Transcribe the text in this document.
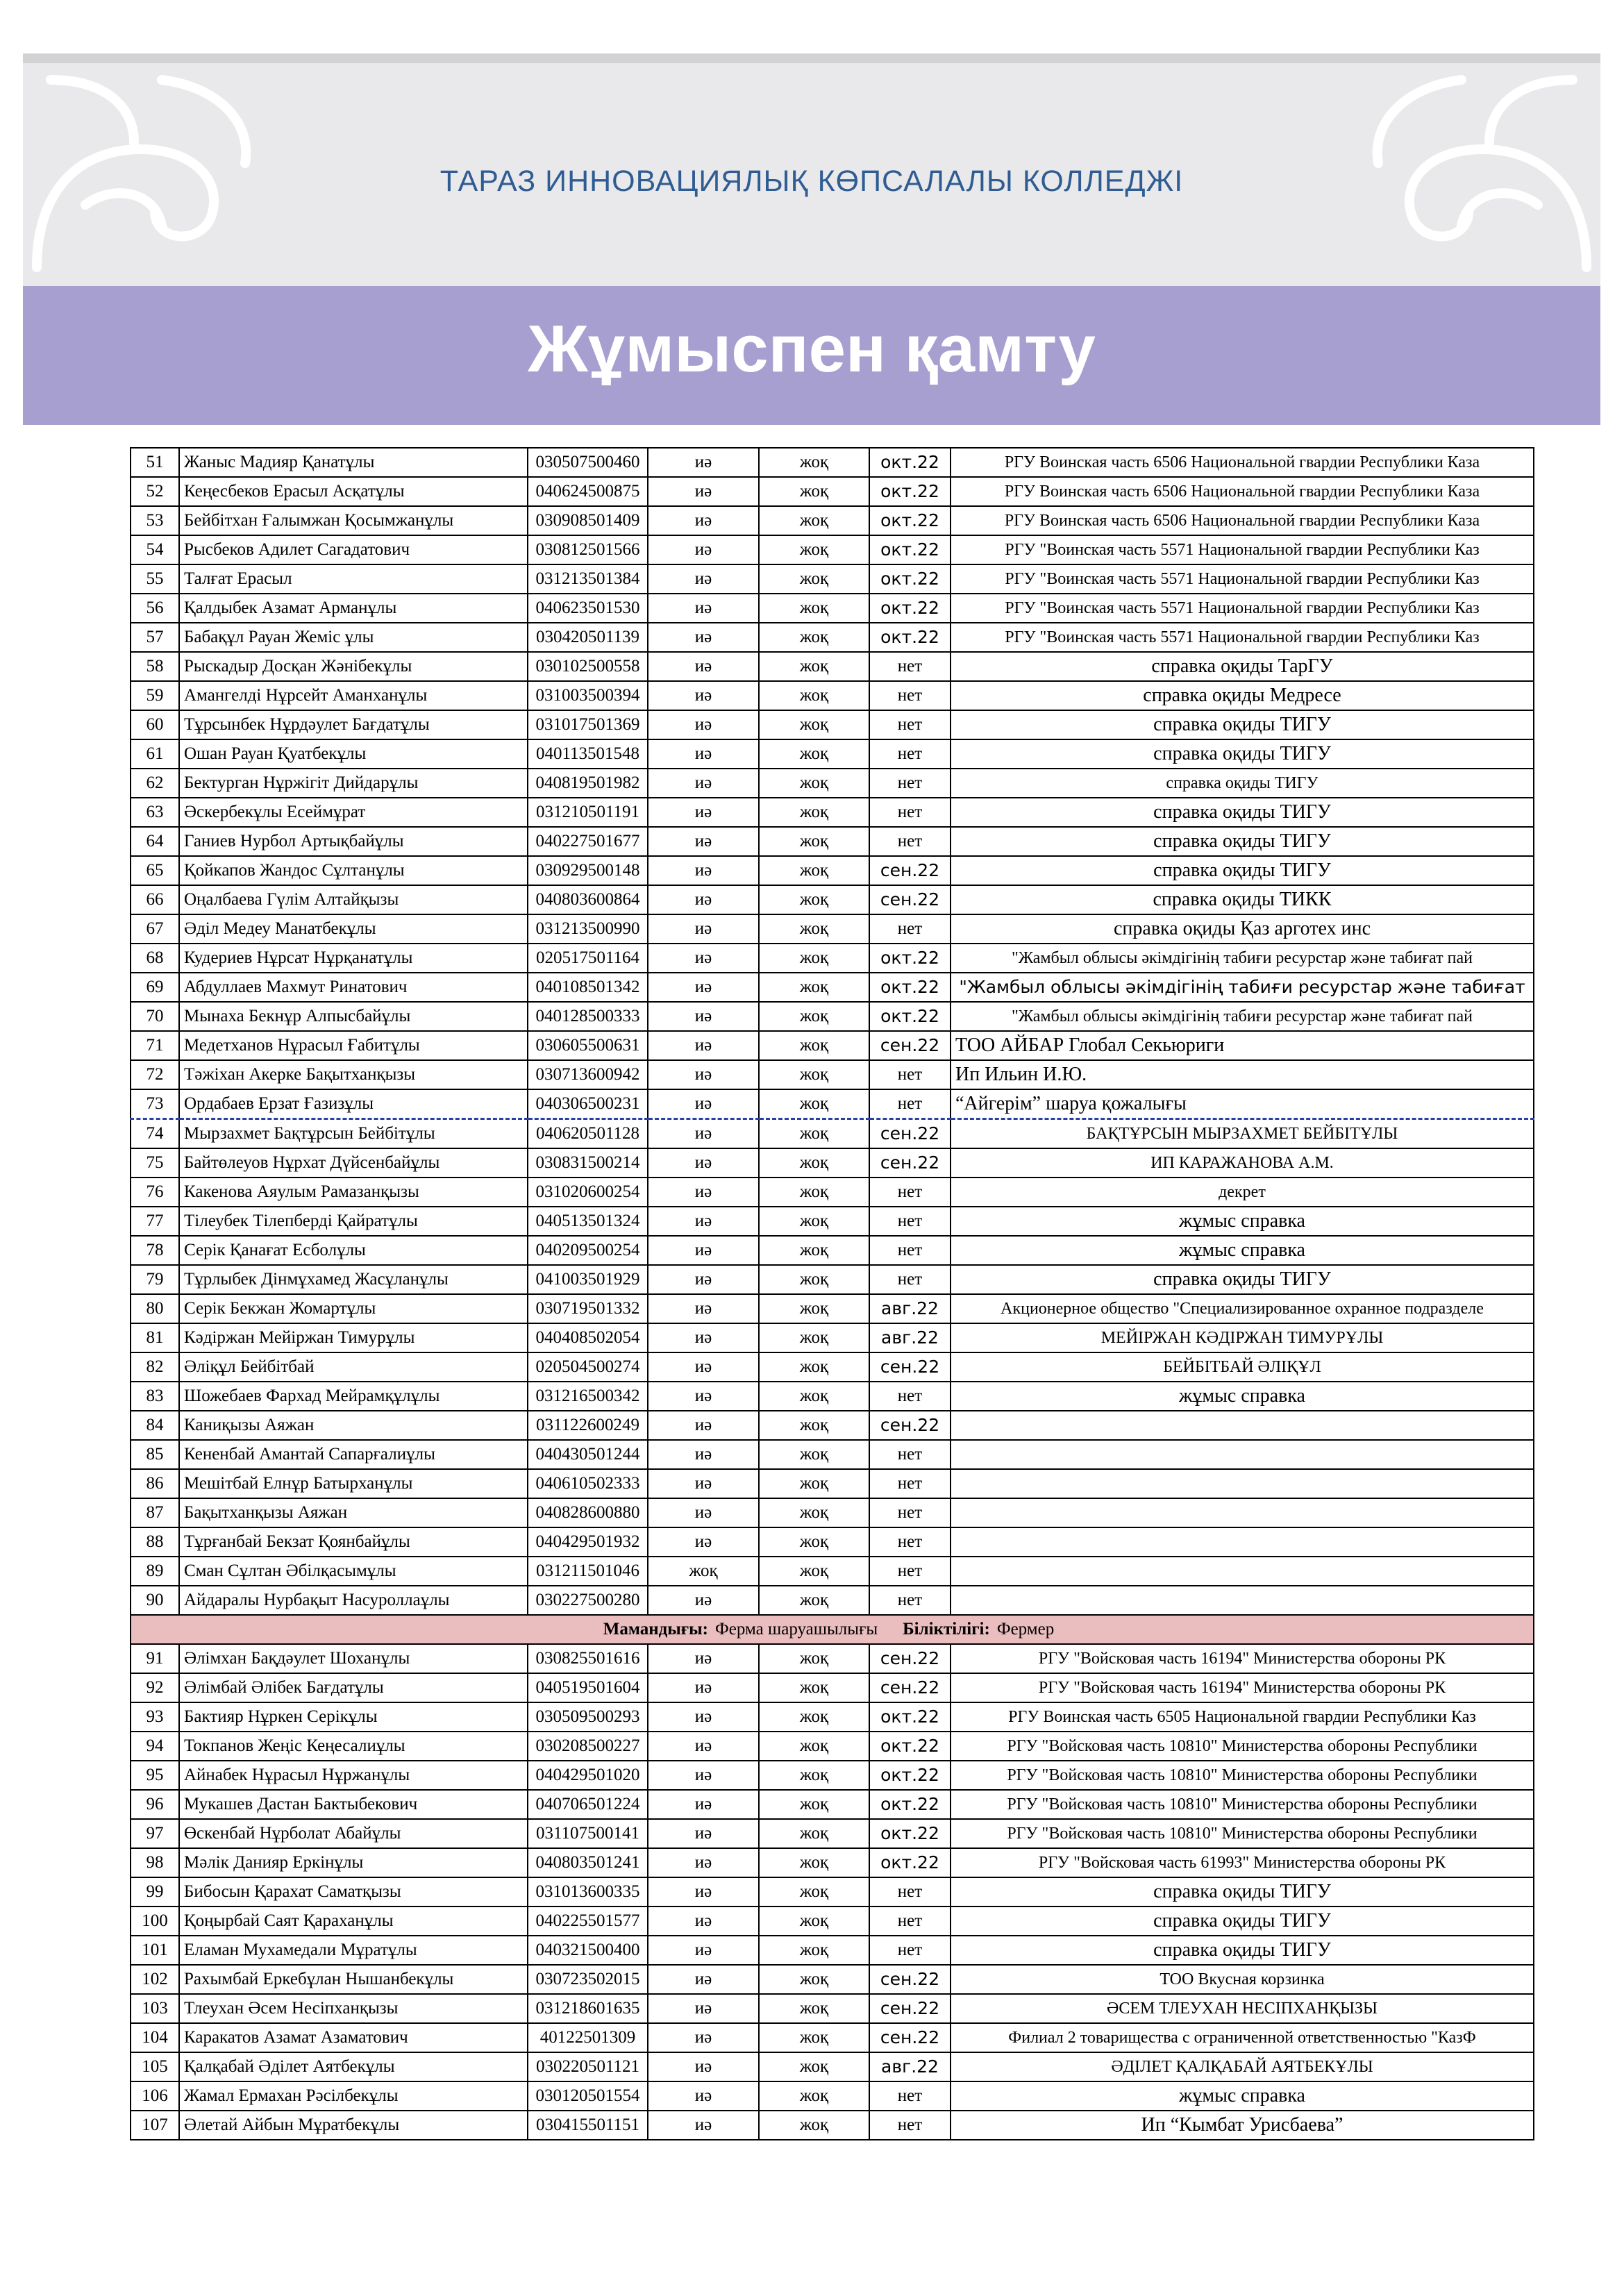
ТАРАЗ ИННОВАЦИЯЛЫҚ КӨПСАЛАЛЫ КОЛЛЕДЖІ
Жұмыспен қамту
51	Жаныс Мадияр Қанатұлы	030507500460	иә	жоқ	окт.22	РГУ Воинская часть 6506 Национальной гвардии Республики Каза
52	Кеңесбеков Ерасыл Асқатұлы	040624500875	иә	жоқ	окт.22	РГУ Воинская часть 6506 Национальной гвардии Республики Каза
53	Бейбітхан Ғалымжан Қосымжанұлы	030908501409	иә	жоқ	окт.22	РГУ Воинская часть 6506 Национальной гвардии Республики Каза
54	Рысбеков Адилет Сагадатович	030812501566	иә	жоқ	окт.22	РГУ "Воинская часть 5571 Национальной гвардии Республики Каз
55	Талғат Ерасыл	031213501384	иә	жоқ	окт.22	РГУ "Воинская часть 5571 Национальной гвардии Республики Каз
56	Қалдыбек Азамат Арманұлы	040623501530	иә	жоқ	окт.22	РГУ "Воинская часть 5571 Национальной гвардии Республики Каз
57	Бабақұл Рауан Жеміс ұлы	030420501139	иә	жоқ	окт.22	РГУ "Воинская часть 5571 Национальной гвардии Республики Каз
58	Рыскадыр Досқан Жәнібекұлы	030102500558	иә	жоқ	нет	справка оқиды ТарГУ
59	Амангелді Нұрсейт Аманханұлы	031003500394	иә	жоқ	нет	справка оқиды Медресе
60	Тұрсынбек Нұрдәулет Бағдатұлы	031017501369	иә	жоқ	нет	справка оқиды ТИГУ
61	Ошан Рауан Қуатбекұлы	040113501548	иә	жоқ	нет	справка оқиды ТИГУ
62	Бектурган Нұржігіт Дийдарұлы	040819501982	иә	жоқ	нет	справка оқиды ТИГУ
63	Әскербекұлы Есеймұрат	031210501191	иә	жоқ	нет	справка оқиды ТИГУ
64	Ганиев Нурбол Артықбайұлы	040227501677	иә	жоқ	нет	справка оқиды ТИГУ
65	Қойкапов Жандос Сұлтанұлы	030929500148	иә	жоқ	сен.22	справка оқиды ТИГУ
66	Оңалбаева Гүлім Алтайқызы	040803600864	иә	жоқ	сен.22	справка оқиды ТИКК
67	Әділ Медеу Манатбекұлы	031213500990	иә	жоқ	нет	справка оқиды Қаз арготех инс
68	Кудериев Нұрсат Нұрқанатұлы	020517501164	иә	жоқ	окт.22	"Жамбыл облысы әкімдігінің табиғи ресурстар және табиғат пай
69	Абдуллаев Махмут Ринатович	040108501342	иә	жоқ	окт.22	"Жамбыл облысы әкімдігінің табиғи ресурстар және табиғат
70	Мынаха Бекнұр Алпысбайұлы	040128500333	иә	жоқ	окт.22	"Жамбыл облысы әкімдігінің табиғи ресурстар және табиғат пай
71	Медетханов Нұрасыл Ғабитұлы	030605500631	иә	жоқ	сен.22	ТОО АЙБАР Глобал Секьюриги
72	Тәжіхан Акерке Бақытханқызы	030713600942	иә	жоқ	нет	Ип Ильин И.Ю.
73	Ордабаев Ерзат Ғазизұлы	040306500231	иә	жоқ	нет	“Айгерім” шаруа қожалығы
74	Мырзахмет Бақтұрсын Бейбітұлы	040620501128	иә	жоқ	сен.22	БАҚТҰРСЫН МЫРЗАХМЕТ БЕЙБІТҰЛЫ
75	Байтөлеуов Нұрхат Дүйсенбайұлы	030831500214	иә	жоқ	сен.22	ИП КАРАЖАНОВА А.М.
76	Какенова Аяулым Рамазанқызы	031020600254	иә	жоқ	нет	декрет
77	Тілеубек Тілепберді Қайратұлы	040513501324	иә	жоқ	нет	жұмыс справка
78	Серік Қанағат Есболұлы	040209500254	иә	жоқ	нет	жұмыс справка
79	Тұрлыбек Дінмұхамед Жасұланұлы	041003501929	иә	жоқ	нет	справка оқиды ТИГУ
80	Серік Бекжан Жомартұлы	030719501332	иә	жоқ	авг.22	Акционерное общество "Специализированное охранное подразделе
81	Кәдіржан Мейіржан Тимурұлы	040408502054	иә	жоқ	авг.22	МЕЙІРЖАН КӘДІРЖАН ТИМУРҰЛЫ
82	Әліқұл Бейбітбай	020504500274	иә	жоқ	сен.22	БЕЙБІТБАЙ ӘЛІҚҰЛ
83	Шожебаев Фархад Мейрамқұлұлы	031216500342	иә	жоқ	нет	жұмыс справка
84	Каниқызы Аяжан	031122600249	иә	жоқ	сен.22	
85	Кененбай Амантай Сапарғалиұлы	040430501244	иә	жоқ	нет	
86	Мешітбай Елнұр Батырханұлы	040610502333	иә	жоқ	нет	
87	Бақытханқызы Аяжан	040828600880	иә	жоқ	нет	
88	Тұрғанбай Бекзат Қоянбайұлы	040429501932	иә	жоқ	нет	
89	Сман Сұлтан Әбілқасымұлы	031211501046	жоқ	жоқ	нет	
90	Айдаралы Нурбақыт Насуроллаұлы	030227500280	иә	жоқ	нет	
Мамандығы: Ферма шаруашылығы Біліктілігі: Фермер						
91	Әлімхан Бақдәулет Шоханұлы	030825501616	иә	жоқ	сен.22	РГУ "Войсковая часть 16194" Министерства обороны РК
92	Әлімбай Әлібек Бағдатұлы	040519501604	иә	жоқ	сен.22	РГУ "Войсковая часть 16194" Министерства обороны РК
93	Бактияр Нұркен Серікұлы	030509500293	иә	жоқ	окт.22	РГУ Воинская часть 6505 Национальной гвардии Республики Каз
94	Токпанов Жеңіс Кеңесалиұлы	030208500227	иә	жоқ	окт.22	РГУ "Войсковая часть 10810" Министерства обороны Республики
95	Айнабек Нұрасыл Нұржанұлы	040429501020	иә	жоқ	окт.22	РГУ "Войсковая часть 10810" Министерства обороны Республики
96	Мукашев Дастан Бактыбекович	040706501224	иә	жоқ	окт.22	РГУ "Войсковая часть 10810" Министерства обороны Республики
97	Өскенбай Нұрболат Абайұлы	031107500141	иә	жоқ	окт.22	РГУ "Войсковая часть 10810" Министерства обороны Республики
98	Мәлік Данияр Еркінұлы	040803501241	иә	жоқ	окт.22	РГУ "Войсковая часть 61993" Министерства обороны РК
99	Бибосын Қарахат Саматқызы	031013600335	иә	жоқ	нет	справка оқиды ТИГУ
100	Қоңырбай Саят Қараханұлы	040225501577	иә	жоқ	нет	справка оқиды ТИГУ
101	Еламан Мухамедали Мұратұлы	040321500400	иә	жоқ	нет	справка оқиды ТИГУ
102	Рахымбай Еркебұлан Нышанбекұлы	030723502015	иә	жоқ	сен.22	ТОО Вкусная корзинка
103	Тлеухан Әсем Несіпханқызы	031218601635	иә	жоқ	сен.22	ӘСЕМ ТЛЕУХАН НЕСІПХАНҚЫЗЫ
104	Каракатов Азамат Азаматович	40122501309	иә	жоқ	сен.22	Филиал 2 товарищества с ограниченной ответственностью "КазФ
105	Қалқабай Әділет Аятбекұлы	030220501121	иә	жоқ	авг.22	ӘДІЛЕТ ҚАЛҚАБАЙ АЯТБЕКҰЛЫ
106	Жамал Ермахан Рәсілбекұлы	030120501554	иә	жоқ	нет	жұмыс справка
107	Әлетай Айбын Мұратбекұлы	030415501151	иә	жоқ	нет	Ип “Кымбат Урисбаева”
